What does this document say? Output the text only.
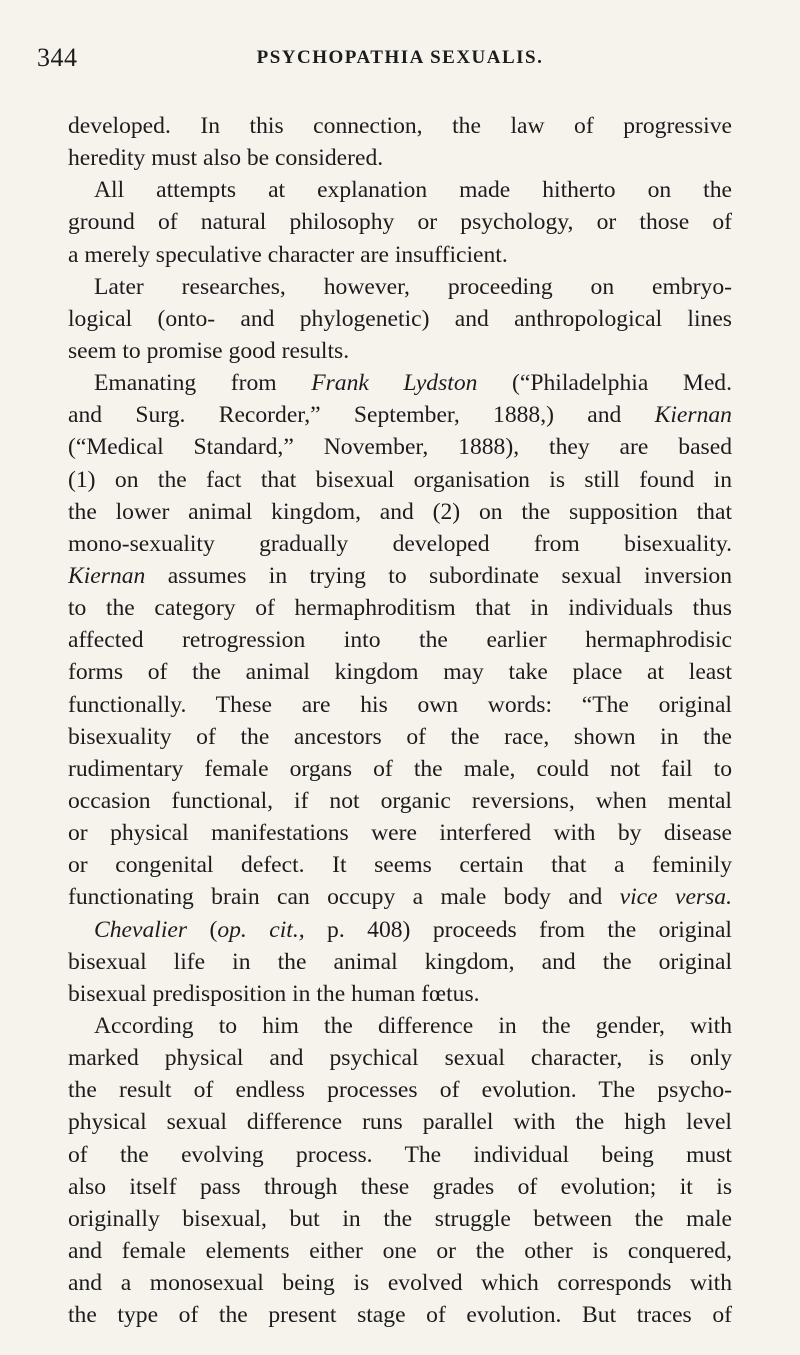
344	PSYCHOPATHIA SEXUALIS.
developed. In this connection, the law of progressive
heredity must also be considered.
All attempts at explanation made hitherto on the
ground of natural philosophy or psychology, or those of
a merely speculative character are insufficient.
Later researches, however, proceeding on embryo-
logical (onto- and phylogenetic) and anthropological lines
seem to promise good results.
Emanating from Frank Lydston (“Philadelphia Med.
and Surg. Recorder,” September, 1888,) and Kiernan
(“Medical Standard,” November, 1888), they are based
(1) on the fact that bisexual organisation is still found in
the lower animal kingdom, and (2) on the supposition that
mono-sexuality gradually developed from bisexuality.
Kiernan assumes in trying to subordinate sexual inversion
to the category of hermaphroditism that in individuals thus
affected retrogression into the earlier hermaphrodisic
forms of the animal kingdom may take place at least
functionally. These are his own words: “The original
bisexuality of the ancestors of the race, shown in the
rudimentary female organs of the male, could not fail to
occasion functional, if not organic reversions, when mental
or physical manifestations were interfered with by disease
or congenital defect. It seems certain that a feminily
functionating brain can occupy a male body and vice versa.
Chevalier (op. cit., p. 408) proceeds from the original
bisexual life in the animal kingdom, and the original
bisexual predisposition in the human fœtus.
According to him the difference in the gender, with
marked physical and psychical sexual character, is only
the result of endless processes of evolution. The psycho-
physical sexual difference runs parallel with the high level
of the evolving process. The individual being must
also itself pass through these grades of evolution; it is
originally bisexual, but in the struggle between the male
and female elements either one or the other is conquered,
and a monosexual being is evolved which corresponds with
the type of the present stage of evolution. But traces of
